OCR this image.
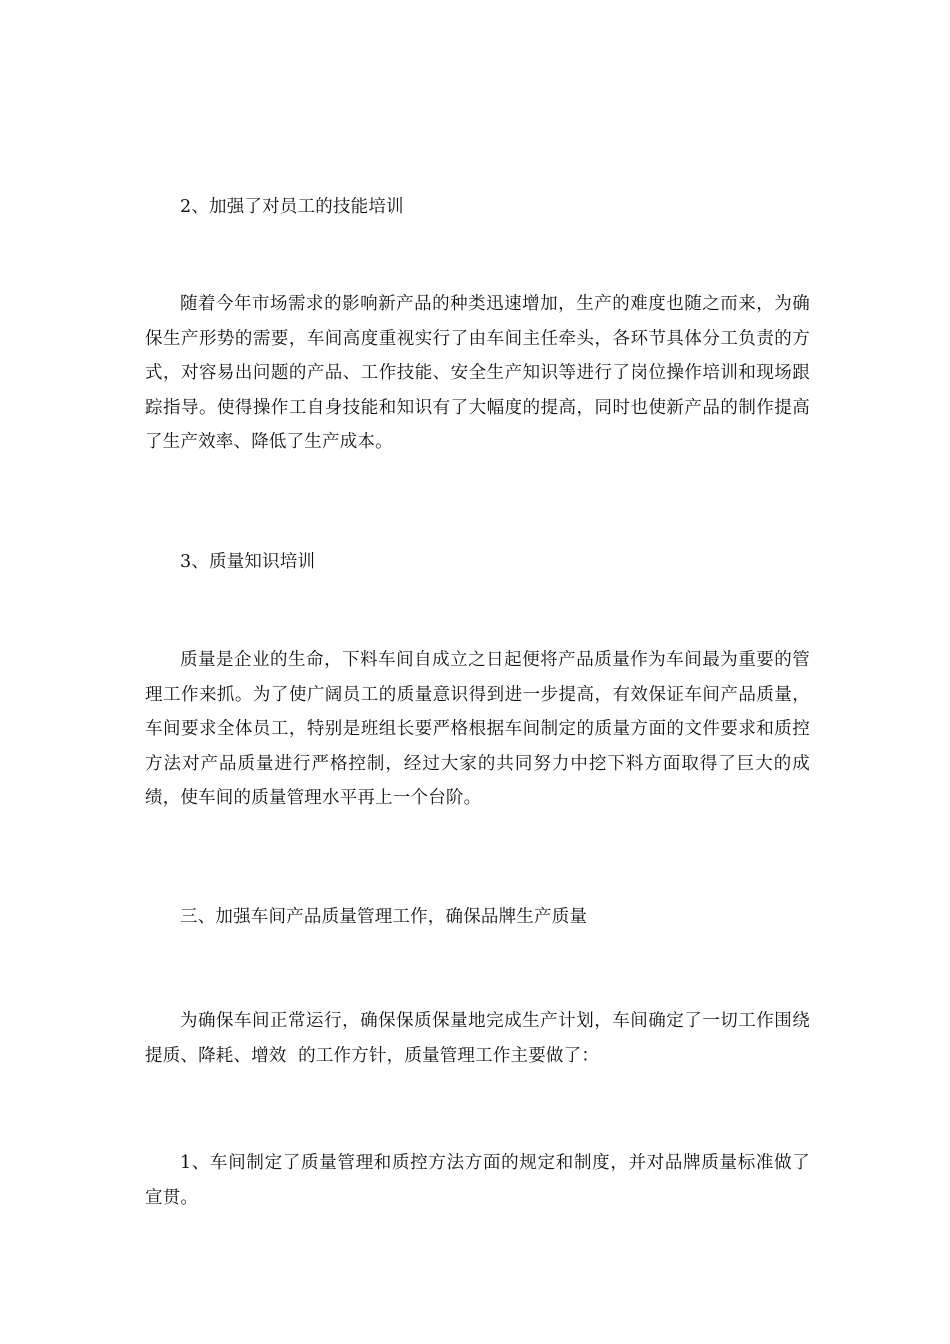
2、加强了对员工的技能培训

随着今年市场需求的影响新产品的种类迅速增加，生产的难度也随之而来，为确保生产形势的需要，车间高度重视实行了由车间主任牵头，各环节具体分工负责的方式，对容易出问题的产品、工作技能、安全生产知识等进行了岗位操作培训和现场跟踪指导。使得操作工自身技能和知识有了大幅度的提高，同时也使新产品的制作提高了生产效率、降低了生产成本。

3、质量知识培训

质量是企业的生命，下料车间自成立之日起便将产品质量作为车间最为重要的管理工作来抓。为了使广阔员工的质量意识得到进一步提高，有效保证车间产品质量，车间要求全体员工，特别是班组长要严格根据车间制定的质量方面的文件要求和质控方法对产品质量进行严格控制，经过大家的共同努力中挖下料方面取得了巨大的成绩，使车间的质量管理水平再上一个台阶。

三、加强车间产品质量管理工作，确保品牌生产质量

为确保车间正常运行，确保保质保量地完成生产计划，车间确定了一切工作围绕  提质、降耗、增效  的工作方针，质量管理工作主要做了：

1、车间制定了质量管理和质控方法方面的规定和制度，并对品牌质量标准做了宣贯。
